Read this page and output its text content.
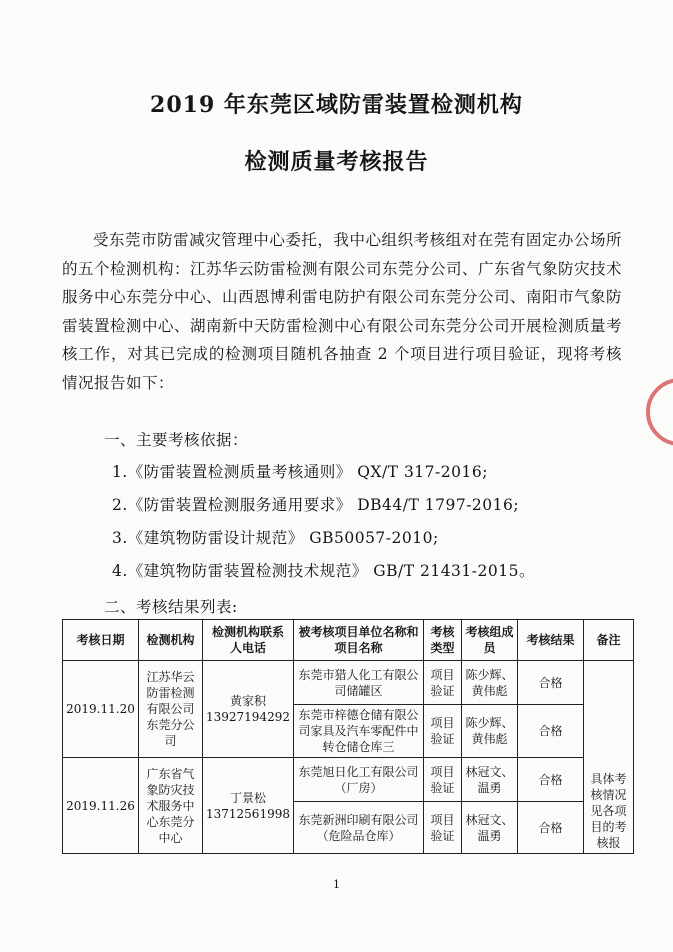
2019 年东莞区域防雷装置检测机构
检测质量考核报告
受东莞市防雷减灾管理中心委托，我中心组织考核组对在莞有固定办公场所的五个检测机构：江苏华云防雷检测有限公司东莞分公司、广东省气象防灾技术服务中心东莞分中心、山西恩博利雷电防护有限公司东莞分公司、南阳市气象防雷装置检测中心、湖南新中天防雷检测中心有限公司东莞分公司开展检测质量考核工作，对其已完成的检测项目随机各抽查 2 个项目进行项目验证，现将考核情况报告如下：
一、主要考核依据：
1.《防雷装置检测质量考核通则》 QX/T 317-2016;
2.《防雷装置检测服务通用要求》 DB44/T 1797-2016;
3.《建筑物防雷设计规范》 GB50057-2010;
4.《建筑物防雷装置检测技术规范》 GB/T 21431-2015。
二、考核结果列表:
考核日期	检测机构	检测机构联系人电话	被考核项目单位名称和项目名称	考核类型	考核组成员	考核结果	备注
2019.11.20	江苏华云防雷检测有限公司东莞分公司	黄家积 13927194292	东莞市猎人化工有限公司储罐区	项目验证	陈少辉、黄伟彪	合格	具体考核情况见各项目的考核报
			东莞市梓德仓储有限公司家具及汽车零配件中转仓储仓库三	项目验证	陈少辉、黄伟彪	合格	
2019.11.26	广东省气象防灾技术服务中心东莞分中心	丁景松 13712561998	东莞旭日化工有限公司（厂房）	项目验证	林冠文、温勇	合格	
			东莞新洲印刷有限公司（危险品仓库）	项目验证	林冠文、温勇	合格	
1
